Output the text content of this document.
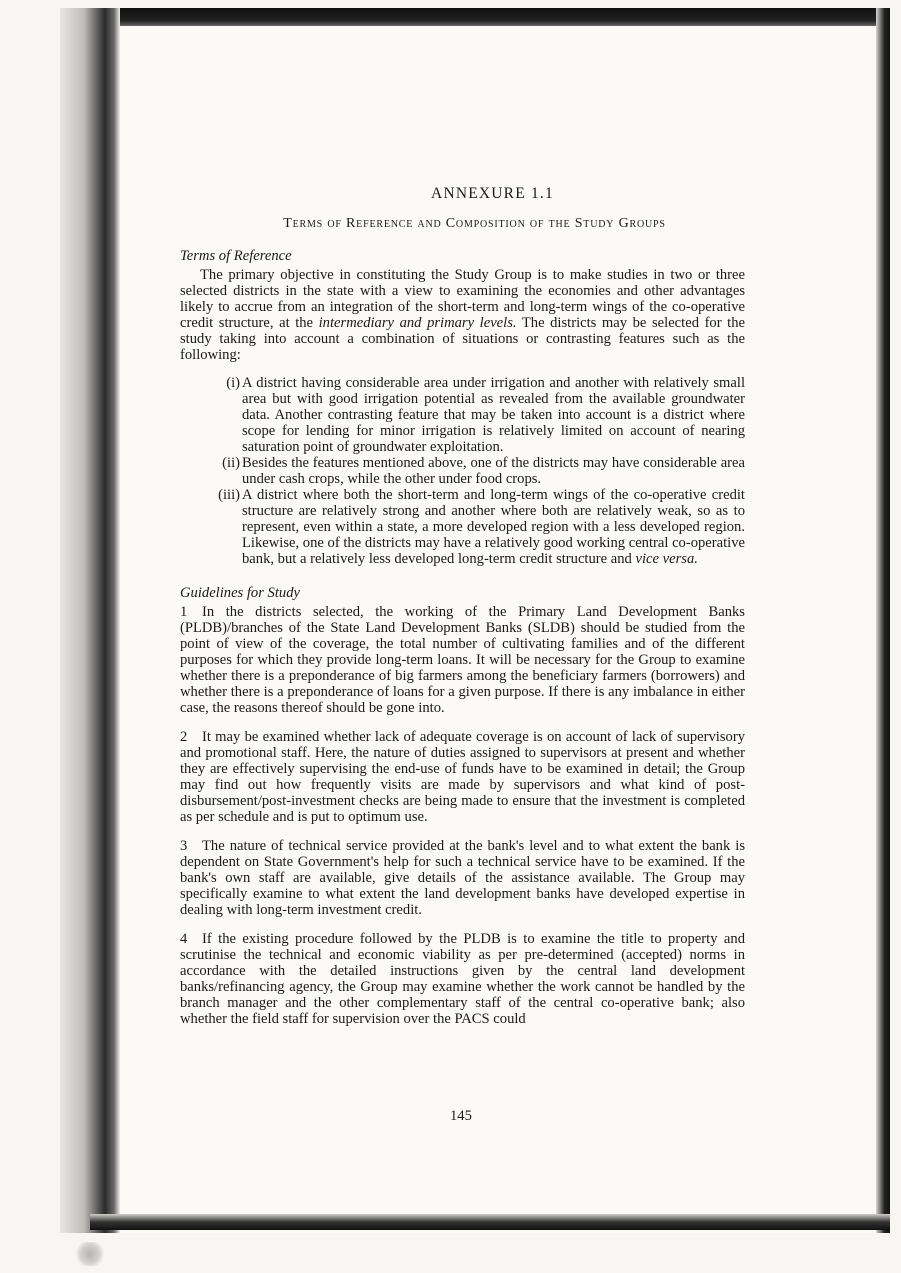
ANNEXURE 1.1
Terms of Reference and Composition of the Study Groups
Terms of Reference

The primary objective in constituting the Study Group is to make studies in two or three selected districts in the state with a view to examining the economies and other advantages likely to accrue from an integration of the short-term and long-term wings of the co-operative credit structure, at the intermediary and primary levels. The districts may be selected for the study taking into account a combination of situations or contrasting features such as the following:

(i) A district having considerable area under irrigation and another with relatively small area but with good irrigation potential as revealed from the available groundwater data. Another contrasting feature that may be taken into account is a district where scope for lending for minor irrigation is relatively limited on account of nearing saturation point of groundwater exploitation.
(ii) Besides the features mentioned above, one of the districts may have considerable area under cash crops, while the other under food crops.
(iii) A district where both the short-term and long-term wings of the co-operative credit structure are relatively strong and another where both are relatively weak, so as to represent, even within a state, a more developed region with a less developed region. Likewise, one of the districts may have a relatively good working central co-operative bank, but a relatively less developed long-term credit structure and vice versa.
Guidelines for Study

1 In the districts selected, the working of the Primary Land Development Banks (PLDB)/branches of the State Land Development Banks (SLDB) should be studied from the point of view of the coverage, the total number of cultivating families and of the different purposes for which they provide long-term loans. It will be necessary for the Group to examine whether there is a preponderance of big farmers among the beneficiary farmers (borrowers) and whether there is a preponderance of loans for a given purpose. If there is any imbalance in either case, the reasons thereof should be gone into.

2 It may be examined whether lack of adequate coverage is on account of lack of supervisory and promotional staff. Here, the nature of duties assigned to supervisors at present and whether they are effectively supervising the end-use of funds have to be examined in detail; the Group may find out how frequently visits are made by supervisors and what kind of post-disbursement/post-investment checks are being made to ensure that the investment is completed as per schedule and is put to optimum use.

3 The nature of technical service provided at the bank's level and to what extent the bank is dependent on State Government's help for such a technical service have to be examined. If the bank's own staff are available, give details of the assistance available. The Group may specifically examine to what extent the land development banks have developed expertise in dealing with long-term investment credit.

4 If the existing procedure followed by the PLDB is to examine the title to property and scrutinise the technical and economic viability as per pre-determined (accepted) norms in accordance with the detailed instructions given by the central land development banks/refinancing agency, the Group may examine whether the work cannot be handled by the branch manager and the other complementary staff of the central co-operative bank; also whether the field staff for supervision over the PACS could

145
